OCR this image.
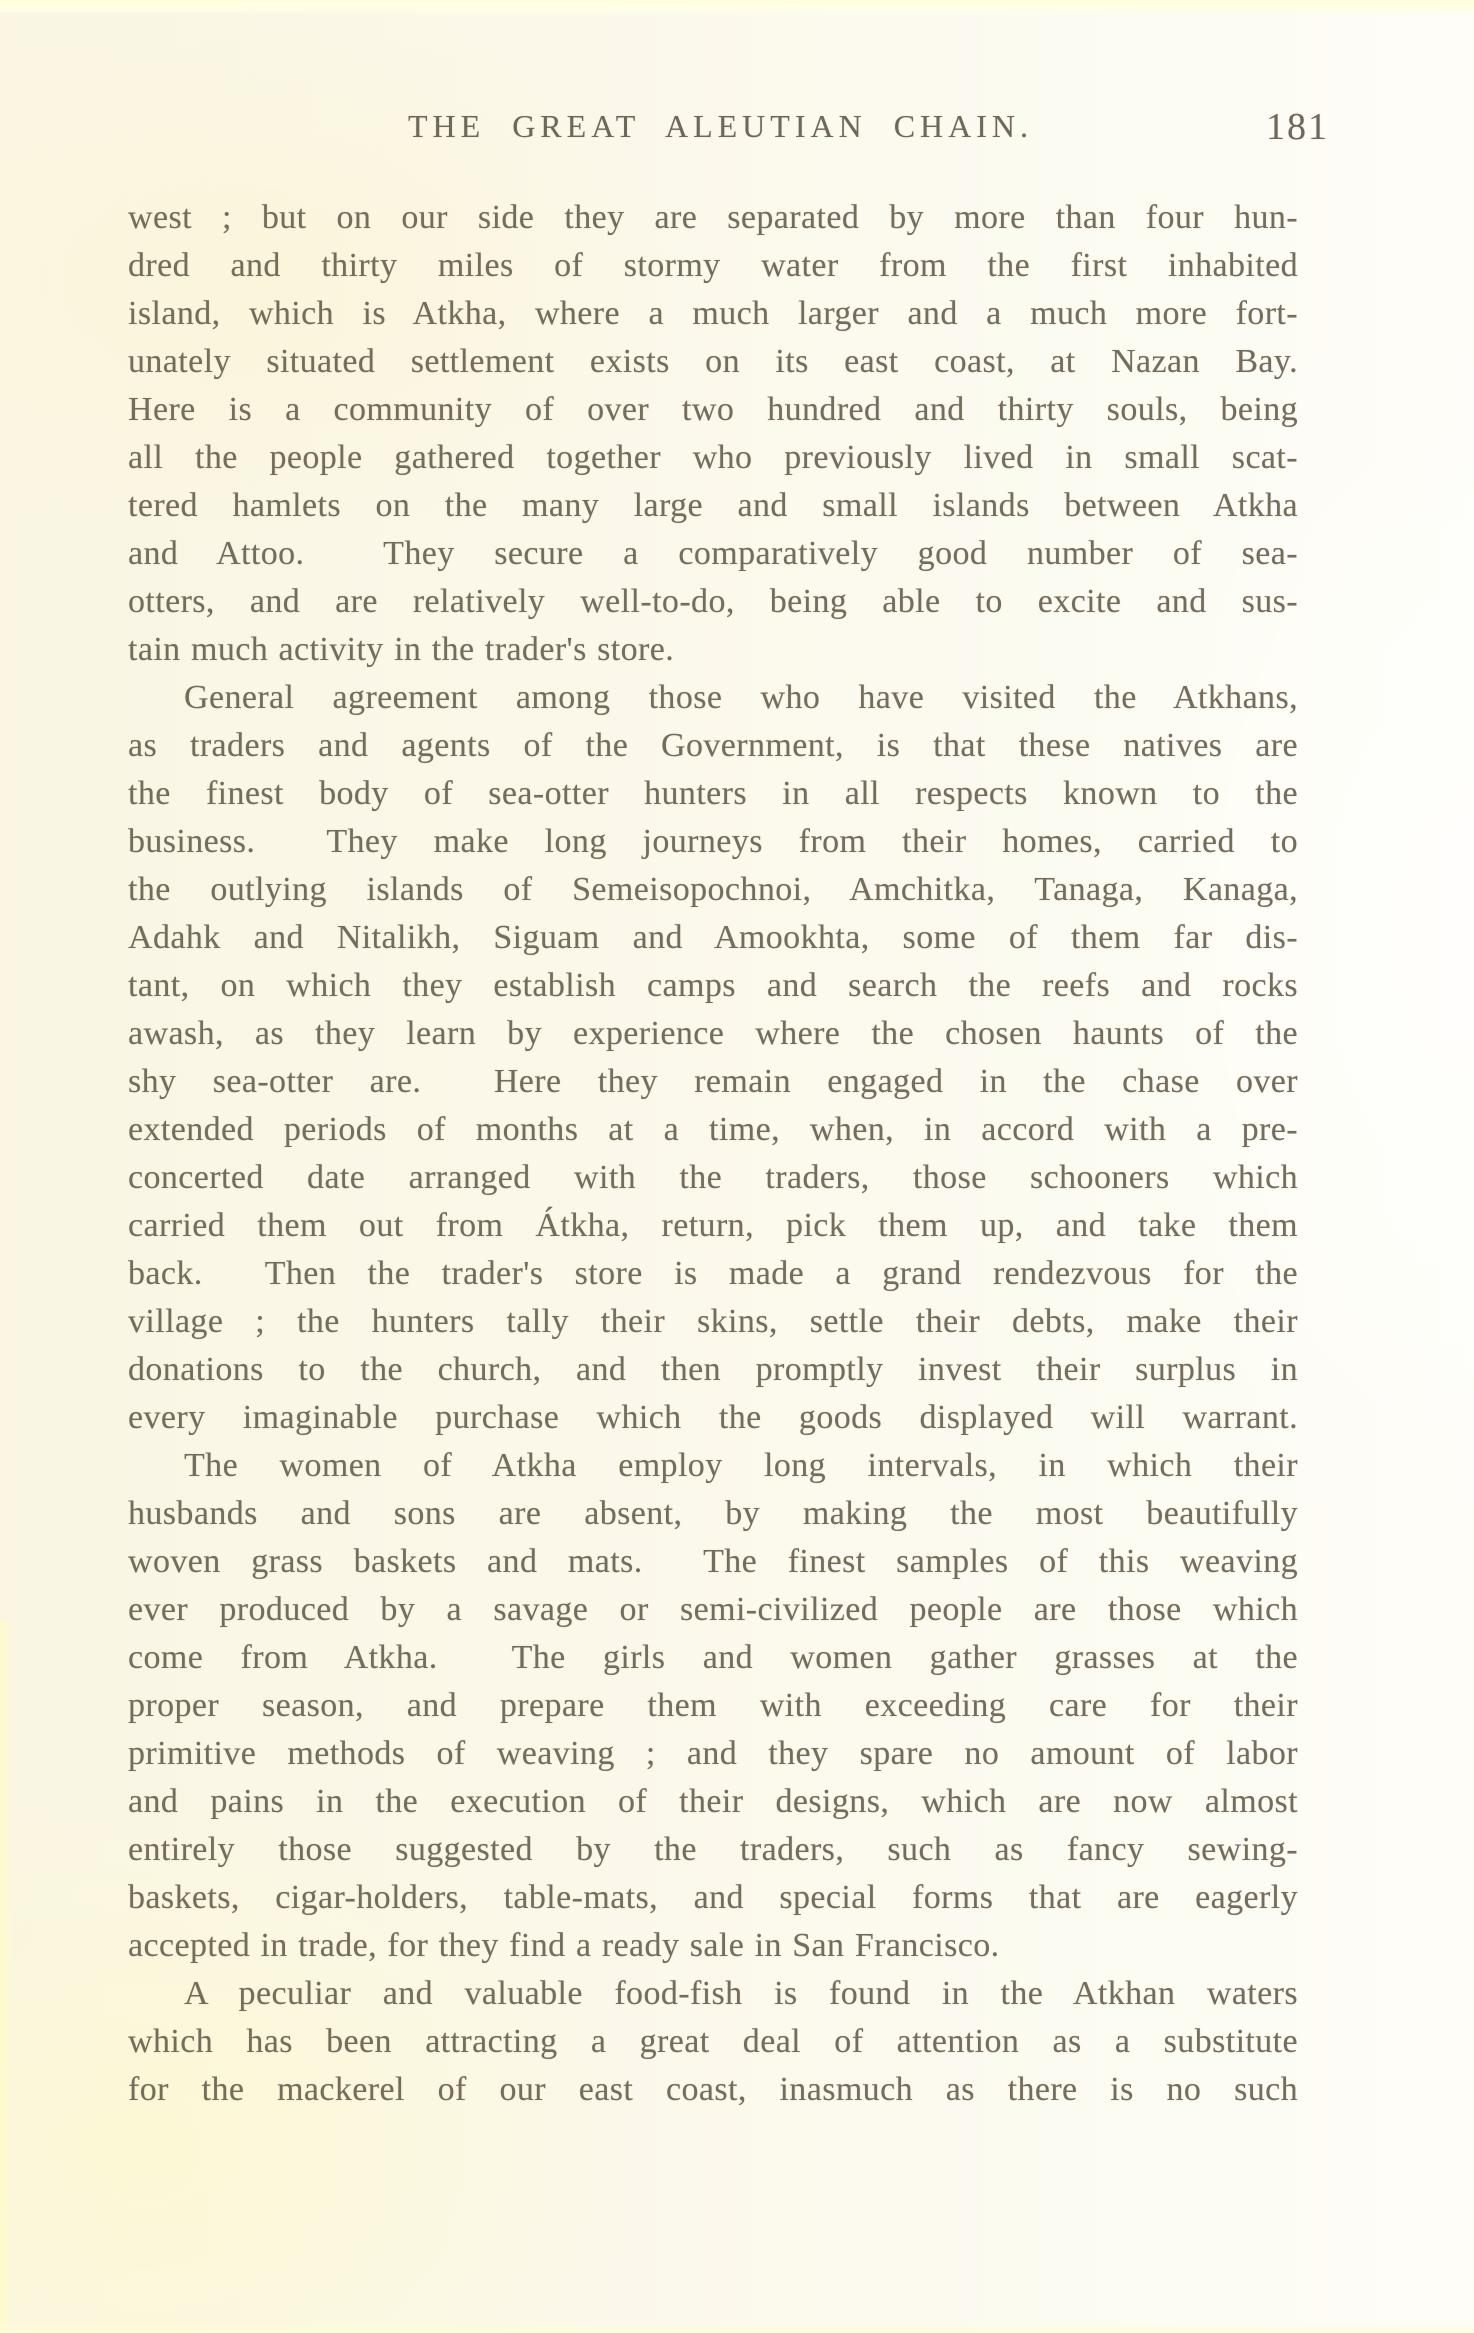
THE GREAT ALEUTIAN CHAIN.	181
west ; but on our side they are separated by more than four hun-
dred and thirty miles of stormy water from the first inhabited
island, which is Atkha, where a much larger and a much more fort-
unately situated settlement exists on its east coast, at Nazan Bay.
Here is a community of over two hundred and thirty souls, being
all the people gathered together who previously lived in small scat-
tered hamlets on the many large and small islands between Atkha
and Attoo.  They secure a comparatively good number of sea-
otters, and are relatively well-to-do, being able to excite and sus-
tain much activity in the trader's store.
General agreement among those who have visited the Atkhans,
as traders and agents of the Government, is that these natives are
the finest body of sea-otter hunters in all respects known to the
business.  They make long journeys from their homes, carried to
the outlying islands of Semeisopochnoi, Amchitka, Tanaga, Kanaga,
Adahk and Nitalikh, Siguam and Amookhta, some of them far dis-
tant, on which they establish camps and search the reefs and rocks
awash, as they learn by experience where the chosen haunts of the
shy sea-otter are.  Here they remain engaged in the chase over
extended periods of months at a time, when, in accord with a pre-
concerted date arranged with the traders, those schooners which
carried them out from Átkha, return, pick them up, and take them
back.  Then the trader's store is made a grand rendezvous for the
village ; the hunters tally their skins, settle their debts, make their
donations to the church, and then promptly invest their surplus in
every imaginable purchase which the goods displayed will warrant.
The women of Atkha employ long intervals, in which their
husbands and sons are absent, by making the most beautifully
woven grass baskets and mats.  The finest samples of this weaving
ever produced by a savage or semi-civilized people are those which
come from Atkha.  The girls and women gather grasses at the
proper season, and prepare them with exceeding care for their
primitive methods of weaving ; and they spare no amount of labor
and pains in the execution of their designs, which are now almost
entirely those suggested by the traders, such as fancy sewing-
baskets, cigar-holders, table-mats, and special forms that are eagerly
accepted in trade, for they find a ready sale in San Francisco.
A peculiar and valuable food-fish is found in the Atkhan waters
which has been attracting a great deal of attention as a substitute
for the mackerel of our east coast, inasmuch as there is no such
